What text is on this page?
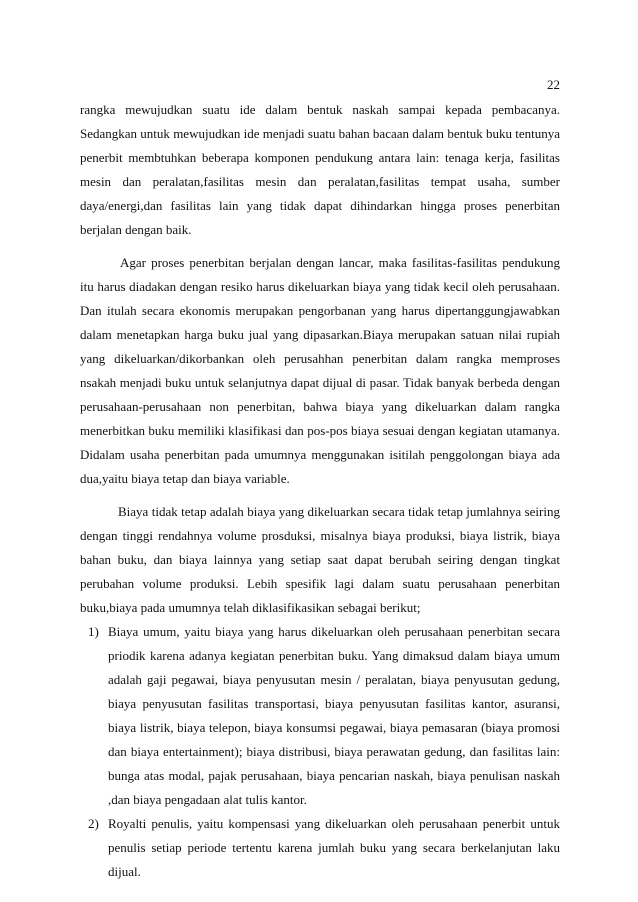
22

rangka mewujudkan suatu ide dalam bentuk naskah sampai kepada pembacanya. Sedangkan untuk mewujudkan ide menjadi suatu bahan bacaan dalam bentuk buku tentunya penerbit membtuhkan beberapa komponen pendukung antara lain: tenaga kerja, fasilitas mesin dan peralatan,fasilitas mesin dan peralatan,fasilitas tempat usaha, sumber daya/energi,dan fasilitas lain yang tidak dapat dihindarkan hingga proses penerbitan berjalan dengan baik.

Agar proses penerbitan berjalan dengan lancar, maka fasilitas-fasilitas pendukung itu harus diadakan dengan resiko harus dikeluarkan biaya yang tidak kecil oleh perusahaan. Dan itulah secara ekonomis merupakan pengorbanan yang harus dipertanggungjawabkan dalam menetapkan harga buku jual yang dipasarkan.Biaya merupakan satuan nilai rupiah yang dikeluarkan/dikorbankan oleh perusahhan penerbitan dalam rangka memproses nsakah menjadi buku untuk selanjutnya dapat dijual di pasar. Tidak banyak berbeda dengan perusahaan-perusahaan non penerbitan, bahwa biaya yang dikeluarkan dalam rangka menerbitkan buku memiliki klasifikasi dan pos-pos biaya sesuai dengan kegiatan utamanya. Didalam usaha penerbitan pada umumnya menggunakan isitilah penggolongan biaya ada dua,yaitu biaya tetap dan biaya variable.

Biaya tidak tetap adalah biaya yang dikeluarkan secara tidak tetap jumlahnya seiring dengan tinggi rendahnya volume prosduksi, misalnya biaya produksi, biaya listrik, biaya bahan buku, dan biaya lainnya yang setiap saat dapat berubah seiring dengan tingkat perubahan volume produksi. Lebih spesifik lagi dalam suatu perusahaan penerbitan buku,biaya pada umumnya telah diklasifikasikan sebagai berikut;

1) Biaya umum, yaitu biaya yang harus dikeluarkan oleh perusahaan penerbitan secara priodik karena adanya kegiatan penerbitan buku. Yang dimaksud dalam biaya umum adalah gaji pegawai, biaya penyusutan mesin / peralatan, biaya penyusutan gedung, biaya penyusutan fasilitas transportasi, biaya penyusutan fasilitas kantor, asuransi, biaya listrik, biaya telepon, biaya konsumsi pegawai, biaya pemasaran (biaya promosi dan biaya entertainment); biaya distribusi, biaya perawatan gedung, dan fasilitas lain: bunga atas modal, pajak perusahaan, biaya pencarian naskah, biaya penulisan naskah ,dan biaya pengadaan alat tulis kantor.
2) Royalti penulis, yaitu kompensasi yang dikeluarkan oleh perusahaan penerbit untuk penulis setiap periode tertentu karena jumlah buku yang secara berkelanjutan laku dijual.
